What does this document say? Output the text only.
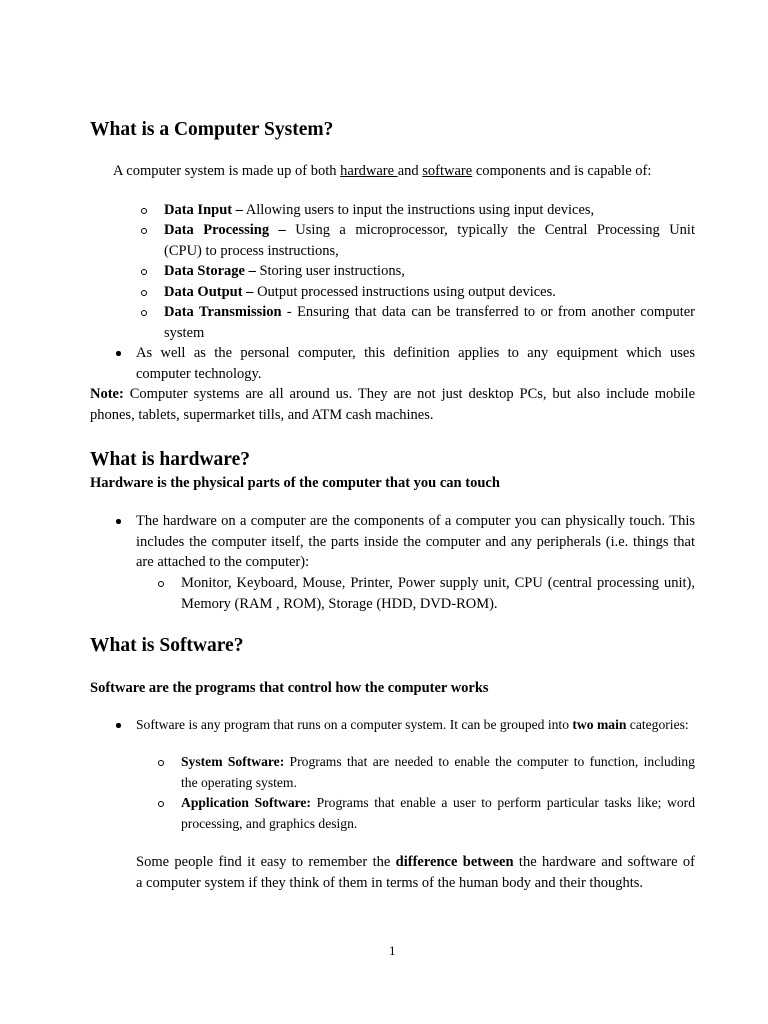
What is a Computer System?

A computer system is made up of both hardware and software components and is capable of:

Data Input – Allowing users to input the instructions using input devices,

Data Processing – Using a microprocessor, typically the Central Processing Unit
(CPU) to process instructions,

Data Storage – Storing user instructions,

Data Output – Output processed instructions using output devices.

Data Transmission - Ensuring that data can be transferred to or from another computer
system
As well as the personal computer, this definition applies to any equipment which uses
computer technology.
Note: Computer systems are all around us. They are not just desktop PCs, but also include mobile
phones, tablets, supermarket tills, and ATM cash machines.
What is hardware?

Hardware is the physical parts of the computer that you can touch

The hardware on a computer are the components of a computer you can physically touch. This
includes the computer itself, the parts inside the computer and any peripherals (i.e. things that
are attached to the computer):
Monitor, Keyboard, Mouse, Printer, Power supply unit, CPU (central processing unit),
Memory (RAM , ROM), Storage (HDD, DVD-ROM).
What is Software?

Software are the programs that control how the computer works

Software is any program that runs on a computer system. It can be grouped into two main categories:

System Software: Programs that are needed to enable the computer to function, including
the operating system.
Application Software: Programs that enable a user to perform particular tasks like; word
processing, and graphics design.
Some people find it easy to remember the difference between the hardware and software of
a computer system if they think of them in terms of the human body and their thoughts.
1
